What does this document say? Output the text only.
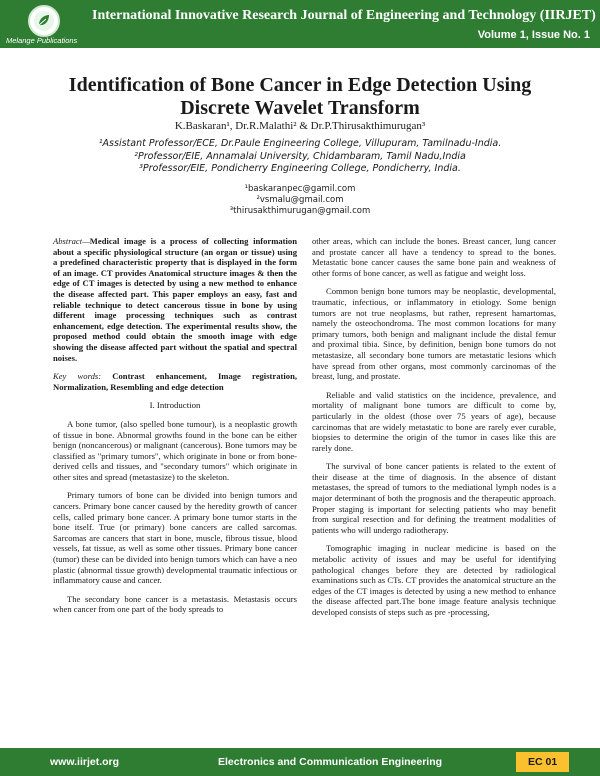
Melange Publications
International Innovative Research Journal of Engineering and Technology (IIRJET)
Volume 1, Issue No. 1
Identification of Bone Cancer in Edge Detection Using
Discrete Wavelet Transform
K.Baskaran¹, Dr.R.Malathi² & Dr.P.Thirusakthimurugan³
¹Assistant Professor/ECE, Dr.Paule Engineering College, Villupuram, Tamilnadu-India.
²Professor/EIE, Annamalai University, Chidambaram, Tamil Nadu,India
³Professor/EIE, Pondicherry Engineering College, Pondicherry, India.
¹baskaranpec@gamil.com
²vsmalu@gmail.com
³thirusakthimurugan@gmail.com

Abstract—Medical image is a process of collecting information about a specific physiological structure (an organ or tissue) using a predefined characteristic property that is displayed in the form of an image. CT provides Anatomical structure images & then the edge of CT images is detected by using a new method to enhance the disease affected part. This paper employs an easy, fast and reliable technique to detect cancerous tissue in bone by using different image processing techniques such as contrast enhancement, edge detection. The experimental results show, the proposed method could obtain the smooth image with edge showing the disease affected part without the spatial and spectral noises.

Key words: Contrast enhancement, Image registration, Normalization, Resembling and edge detection

I. Introduction

A bone tumor, (also spelled bone tumour), is a neoplastic growth of tissue in bone. Abnormal growths found in the bone can be either benign (noncancerous) or malignant (cancerous). Bone tumors may be classified as "primary tumors", which originate in bone or from bone-derived cells and tissues, and "secondary tumors" which originate in other sites and spread (metastasize) to the skeleton.

Primary tumors of bone can be divided into benign tumors and cancers. Primary bone cancer caused by the heredity growth of cancer cells, called primary bone cancer. A primary bone tumor starts in the bone itself. True (or primary) bone cancers are called sarcomas. Sarcomas are cancers that start in bone, muscle, fibrous tissue, blood vessels, fat tissue, as well as some other tissues. Primary bone cancer (tumor) these can be divided into benign tumors which can have a neo plastic (abnormal tissue growth) developmental traumatic infectious or inflammatory cause and cancer.

The secondary bone cancer is a metastasis. Metastasis occurs when cancer from one part of the body spreads to

other areas, which can include the bones. Breast cancer, lung cancer and prostate cancer all have a tendency to spread to the bones. Metastatic bone cancer causes the same bone pain and weakness of other forms of bone cancer, as well as fatigue and weight loss.

Common benign bone tumors may be neoplastic, developmental, traumatic, infectious, or inflammatory in etiology. Some benign tumors are not true neoplasms, but rather, represent hamartomas, namely the osteochondroma. The most common locations for many primary tumors, both benign and malignant include the distal femur and proximal tibia. Since, by definition, benign bone tumors do not metastasize, all secondary bone tumors are metastatic lesions which have spread from other organs, most commonly carcinomas of the breast, lung, and prostate.

Reliable and valid statistics on the incidence, prevalence, and mortality of malignant bone tumors are difficult to come by, particularly in the oldest (those over 75 years of age), because carcinomas that are widely metastatic to bone are rarely ever curable, biopsies to determine the origin of the tumor in cases like this are rarely done.

The survival of bone cancer patients is related to the extent of their disease at the time of diagnosis. In the absence of distant metastases, the spread of tumors to the mediational lymph nodes is a major determinant of both the prognosis and the therapeutic approach. Proper staging is important for selecting patients who may benefit from surgical resection and for defining the treatment modalities of patients who will undergo radiotherapy.

Tomographic imaging in nuclear medicine is based on the metabolic activity of issues and may be useful for identifying pathological changes before they are detected by radiological examinations such as CTs. CT provides the anatomical structure an the edges of the CT images is detected by using a new method to enhance the disease affected part.The bone image feature analysis technique developed consists of steps such as pre -processing,

www.iirjet.org	Electronics and Communication Engineering	EC 01
